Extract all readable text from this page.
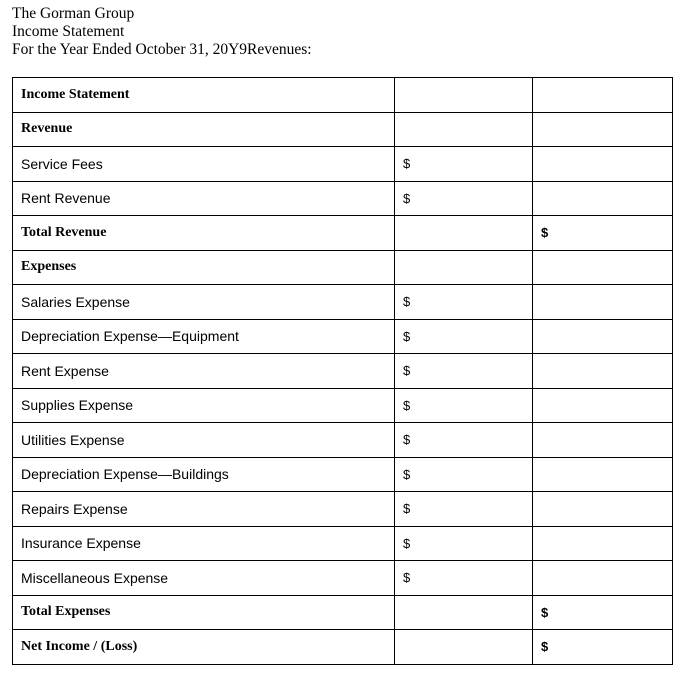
The Gorman Group
Income Statement
For the Year Ended October 31, 20Y9Revenues:
Income Statement		
Revenue		
Service Fees	$	
Rent Revenue	$	
Total Revenue		$
Expenses		
Salaries Expense	$	
Depreciation Expense—Equipment	$	
Rent Expense	$	
Supplies Expense	$	
Utilities Expense	$	
Depreciation Expense—Buildings	$	
Repairs Expense	$	
Insurance Expense	$	
Miscellaneous Expense	$	
Total Expenses		$
Net Income / (Loss)		$
